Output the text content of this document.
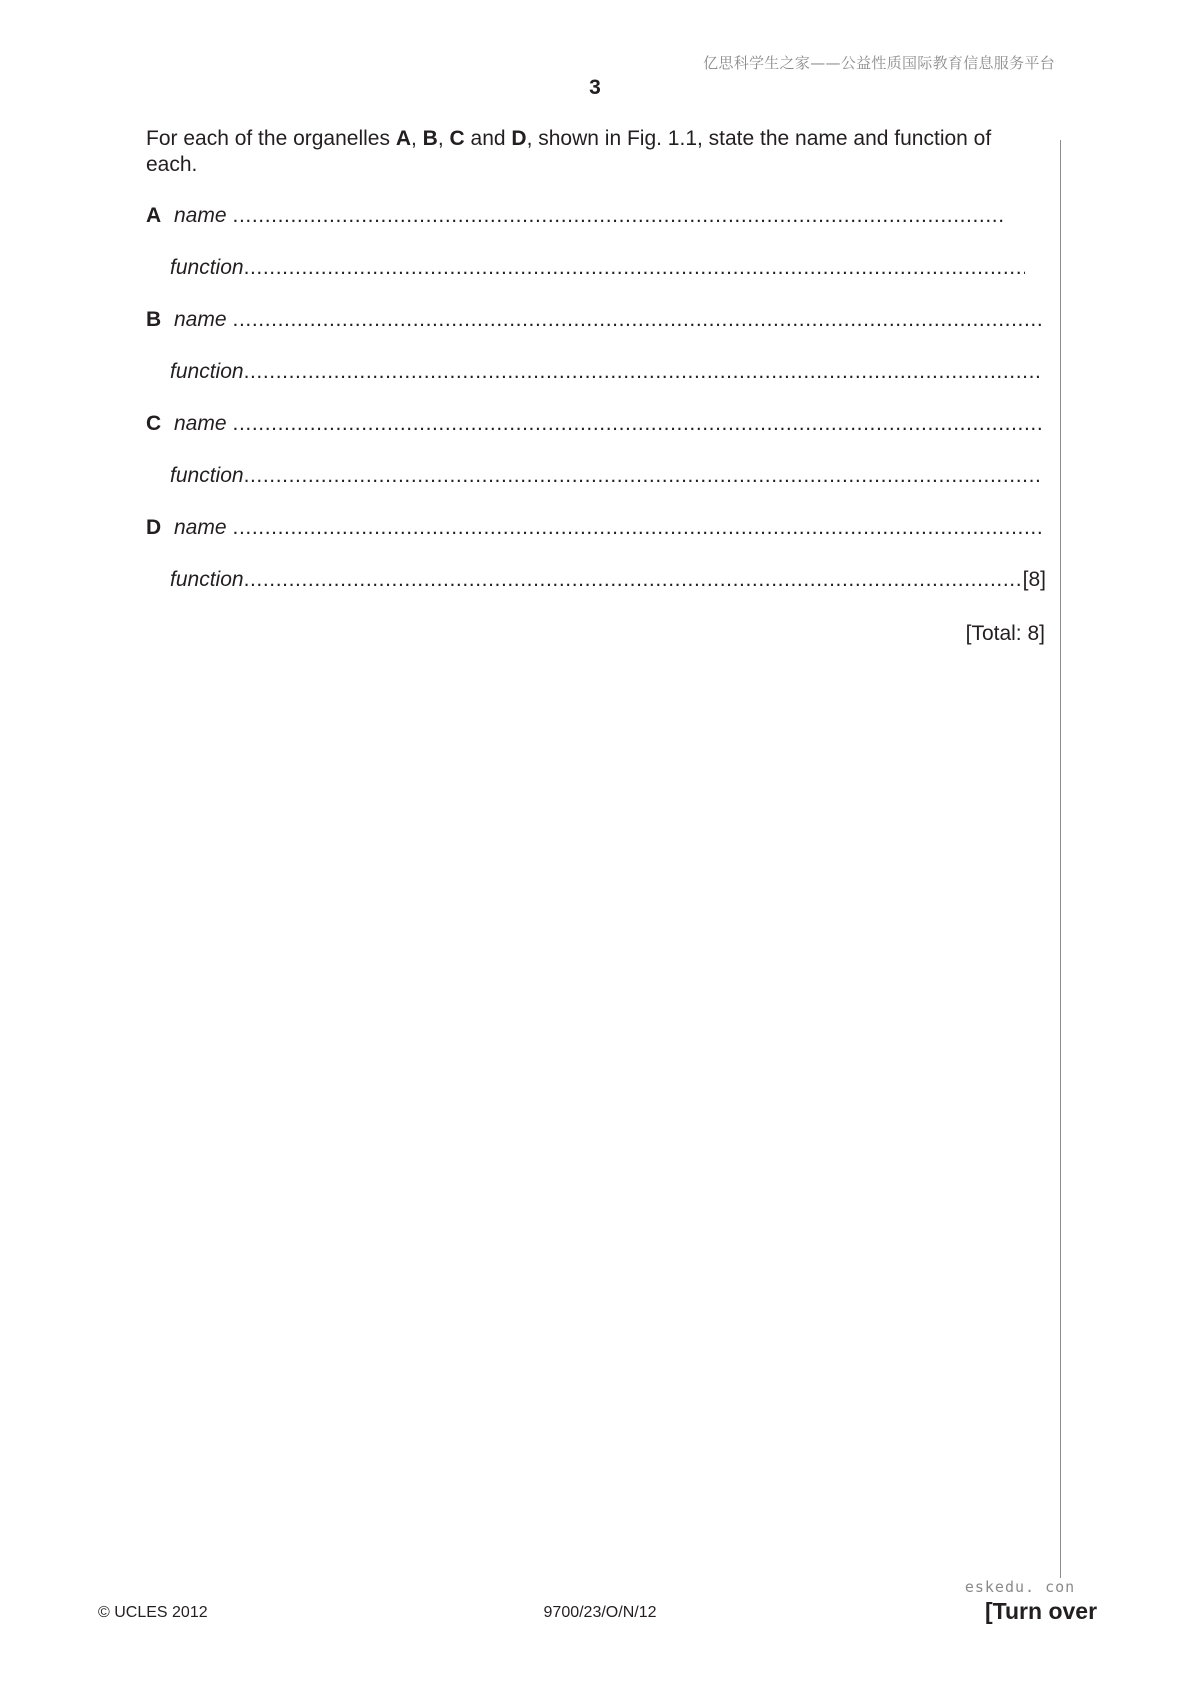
亿思科学生之家——公益性质国际教育信息服务平台
3
For each of the organelles A, B, C and D, shown in Fig. 1.1, state the name and function of each.
A name
.....
function
.....
B name
.....
function
.....
C name
.....
function
.....
D name
.....
function
.....	[8]
[Total: 8]
© UCLES 2012	9700/23/O/N/12
eskedu. con
[Turn over
